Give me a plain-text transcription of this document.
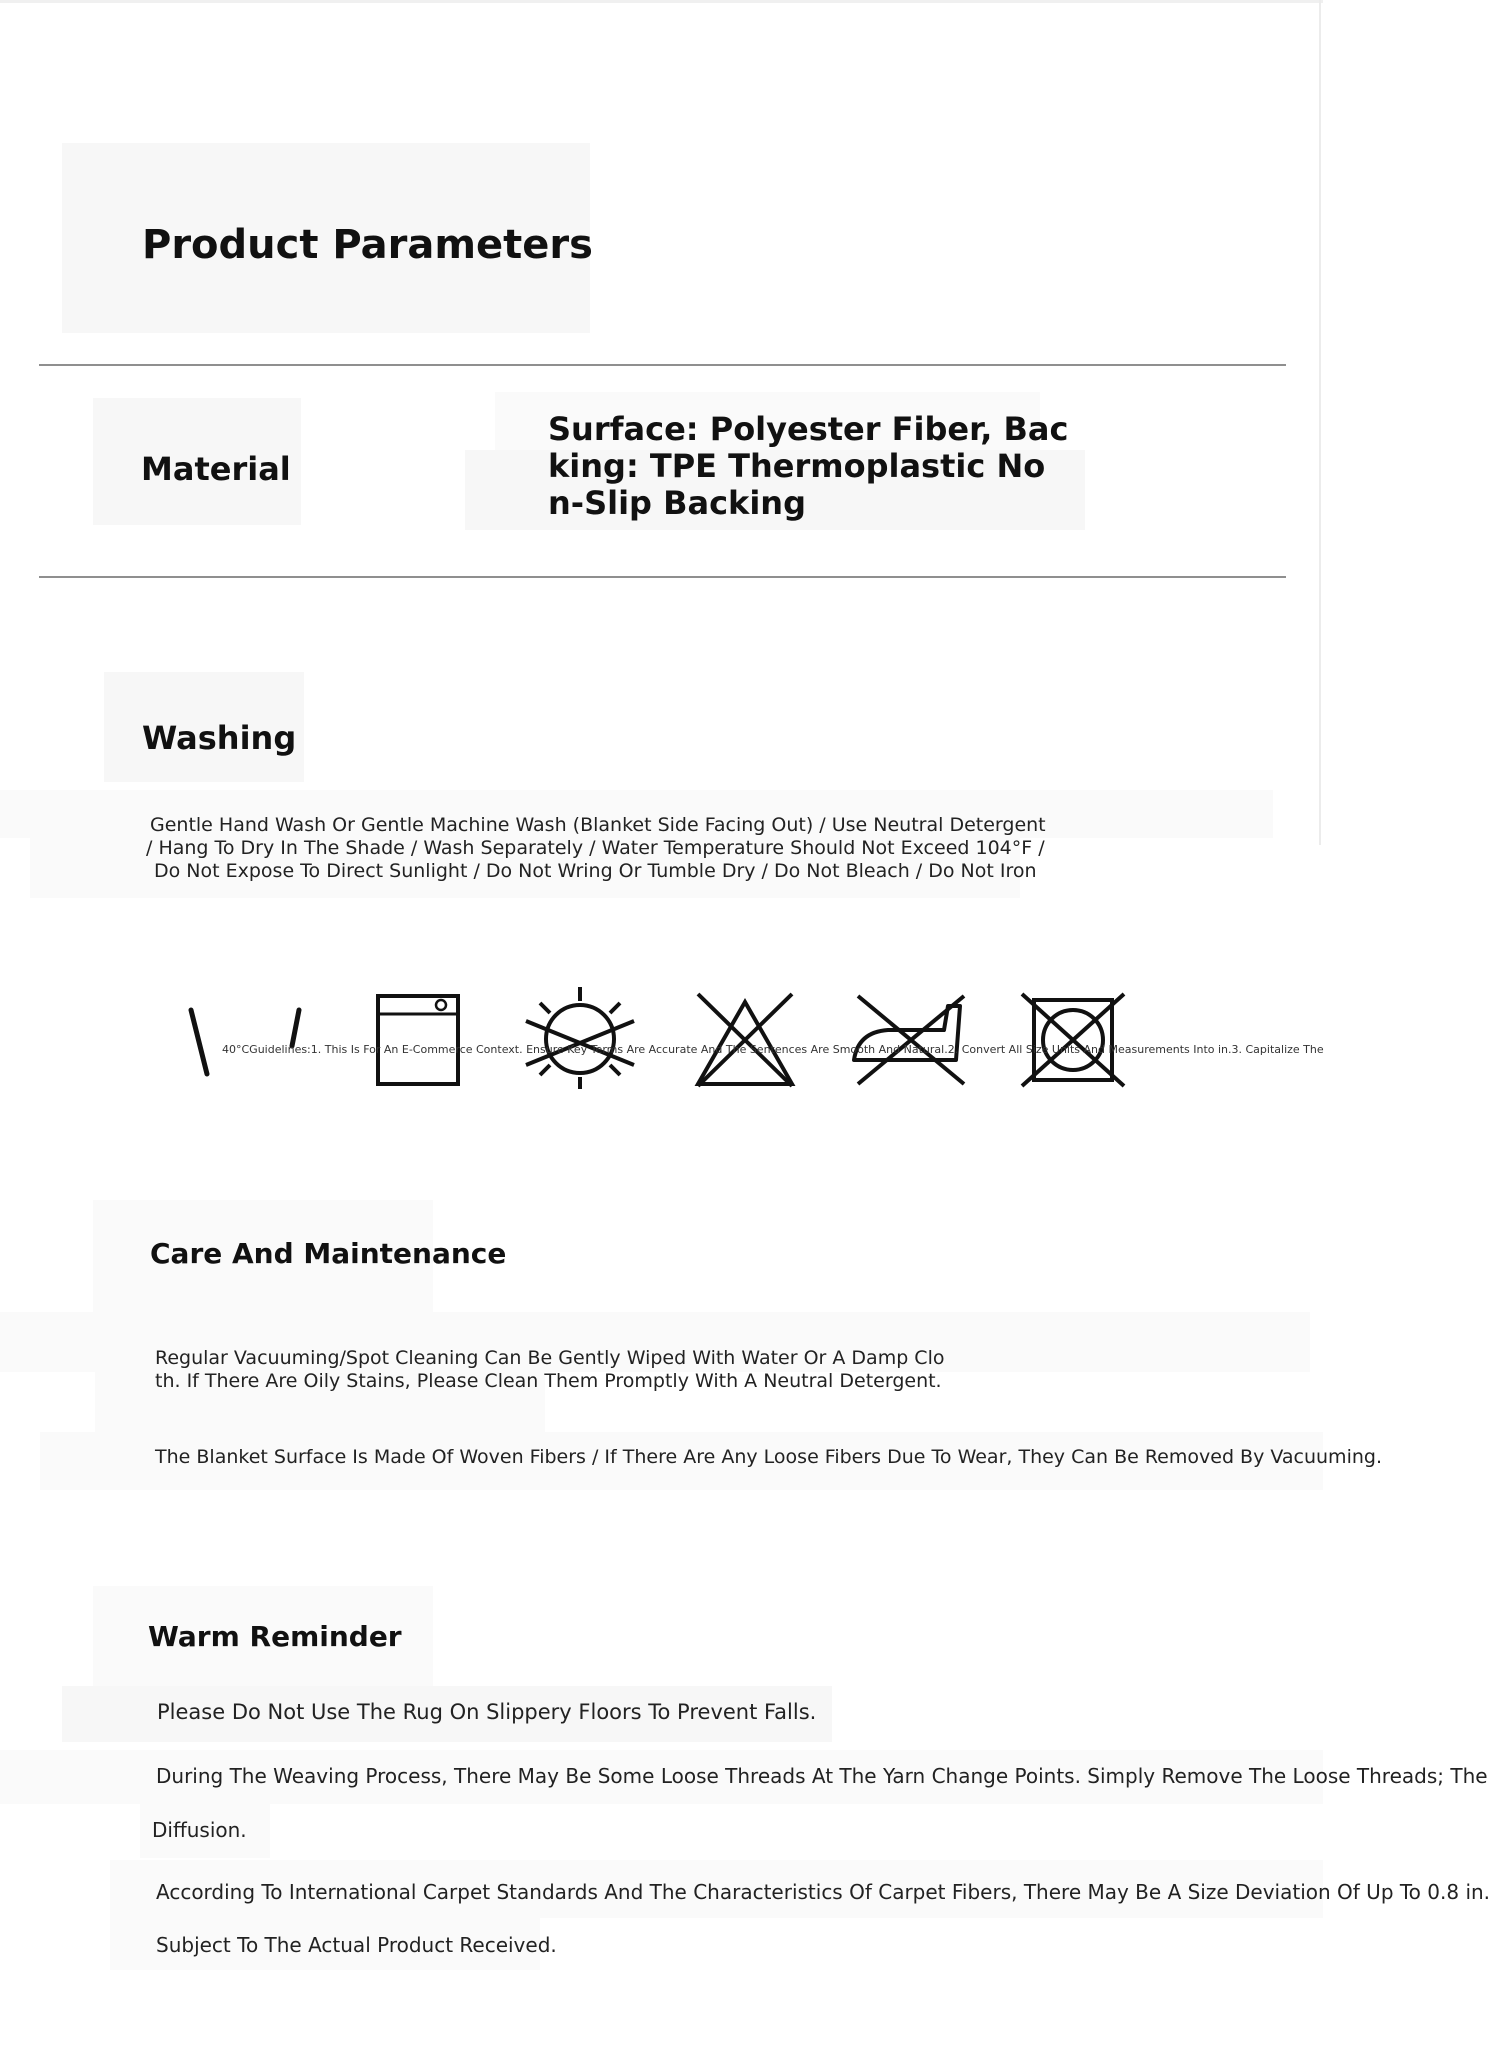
Product Parameters
Material
Surface: Polyester Fiber, Bac
king: TPE Thermoplastic No
n-Slip Backing
Washing
Gentle Hand Wash Or Gentle Machine Wash (Blanket Side Facing Out) / Use Neutral Detergent
/ Hang To Dry In The Shade / Wash Separately / Water Temperature Should Not Exceed 104°F /
Do Not Expose To Direct Sunlight / Do Not Wring Or Tumble Dry / Do Not Bleach / Do Not Iron
40°CGuidelines:1. This Is For An E-Commerce Context. Ensure Key Terms Are Accurate And The Sentences Are Smooth And Natural.2. Convert All Size Units And Measurements Into in.3. Capitalize The
Care And Maintenance
Regular Vacuuming/Spot Cleaning Can Be Gently Wiped With Water Or A Damp Clo
th. If There Are Oily Stains, Please Clean Them Promptly With A Neutral Detergent.
The Blanket Surface Is Made Of Woven Fibers / If There Are Any Loose Fibers Due To Wear, They Can Be Removed By Vacuuming.
Warm Reminder
Please Do Not Use The Rug On Slippery Floors To Prevent Falls.
During The Weaving Process, There May Be Some Loose Threads At The Yarn Change Points. Simply Remove The Loose Threads; The
Diffusion.
According To International Carpet Standards And The Characteristics Of Carpet Fibers, There May Be A Size Deviation Of Up To 0.8 in.
Subject To The Actual Product Received.
